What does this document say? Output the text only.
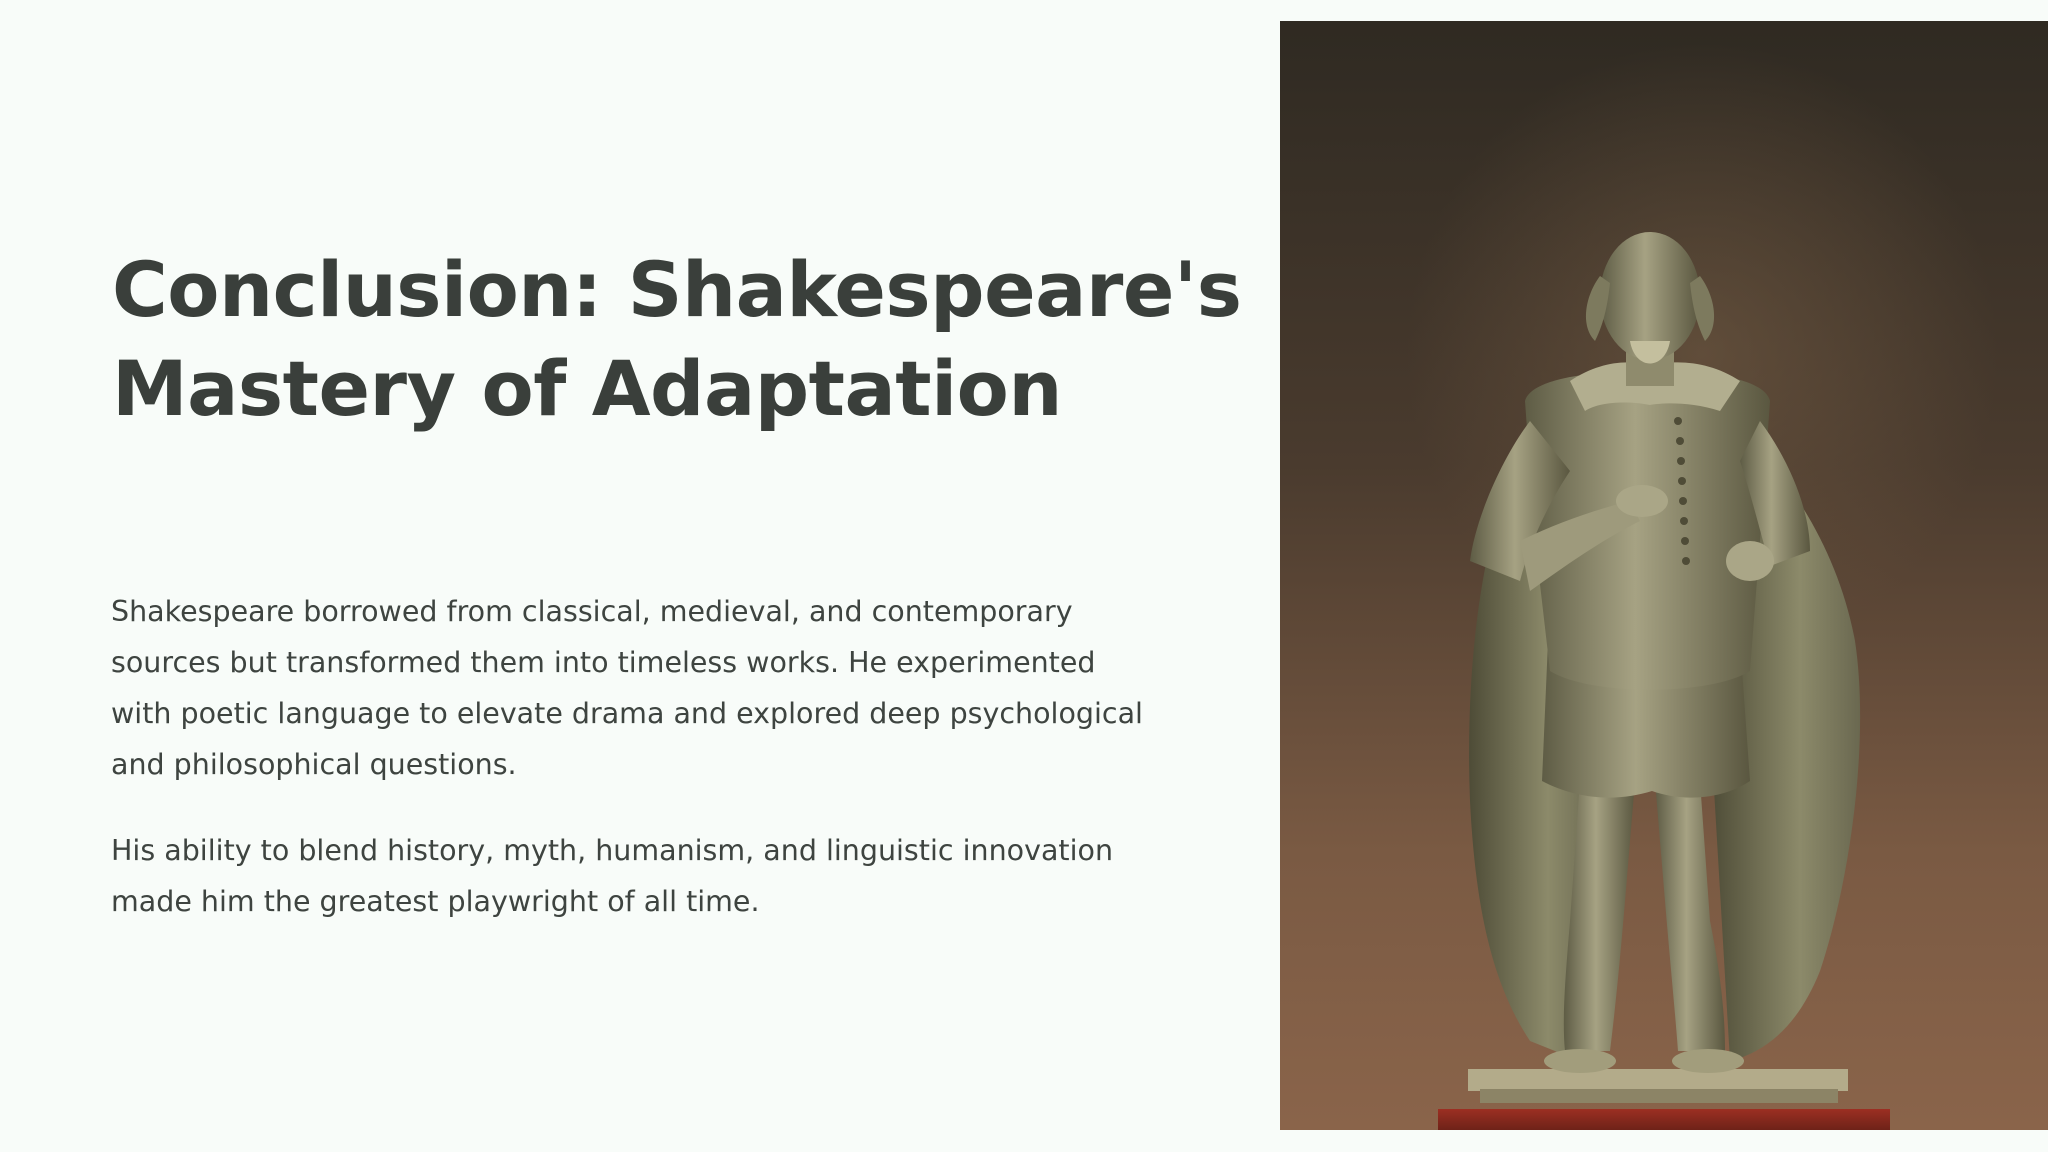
Conclusion: Shakespeare's
Mastery of Adaptation

Shakespeare borrowed from classical, medieval, and contemporary
sources but transformed them into timeless works. He experimented
with poetic language to elevate drama and explored deep psychological
and philosophical questions.

His ability to blend history, myth, humanism, and linguistic innovation
made him the greatest playwright of all time.
